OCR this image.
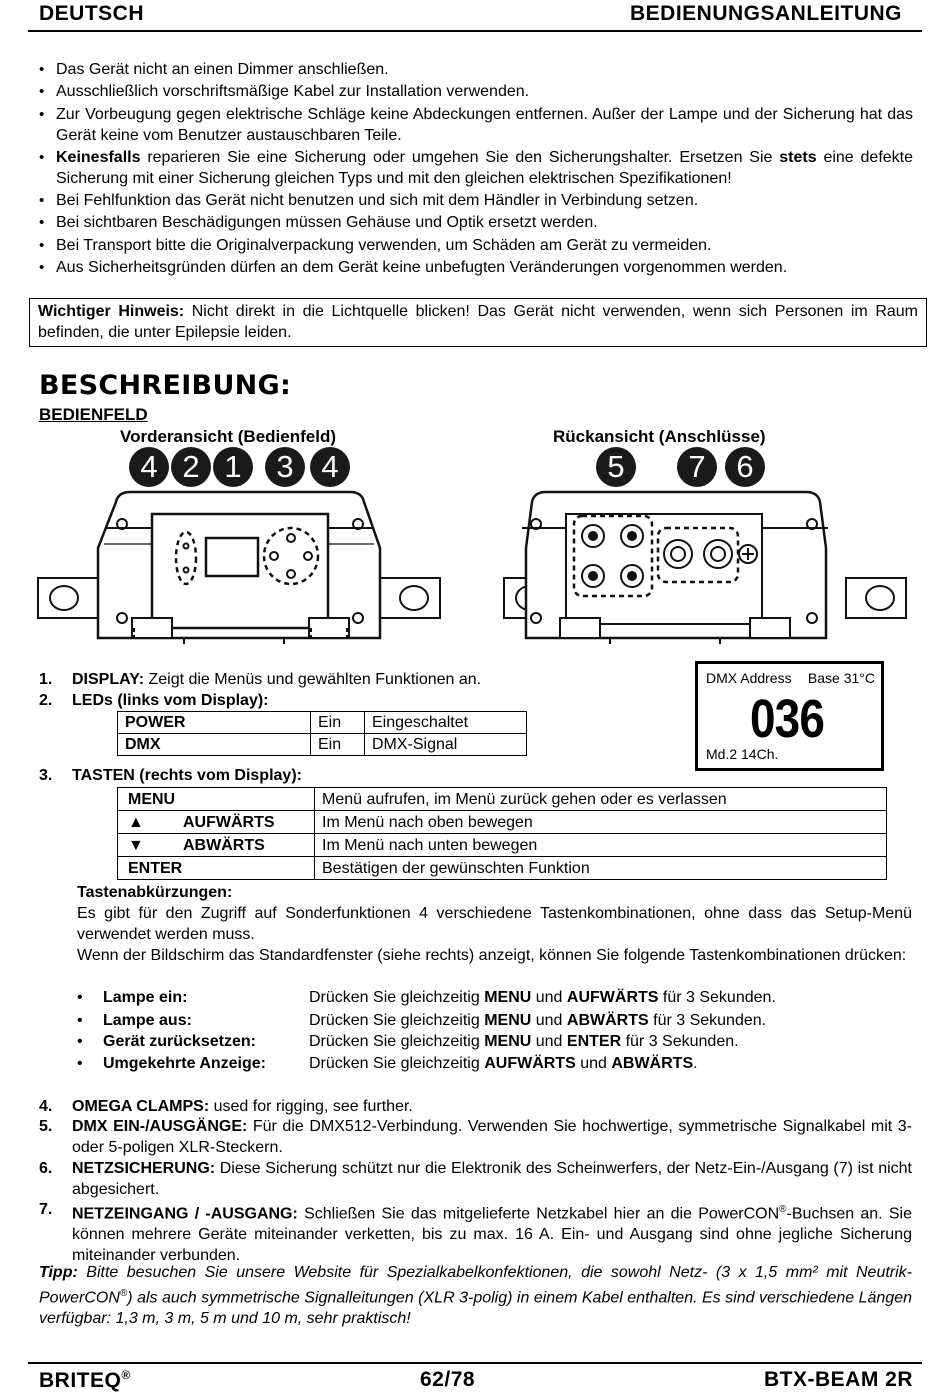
DEUTSCH	BEDIENUNGSANLEITUNG
• Das Gerät nicht an einen Dimmer anschließen.
• Ausschließlich vorschriftsmäßige Kabel zur Installation verwenden.
• Zur Vorbeugung gegen elektrische Schläge keine Abdeckungen entfernen. Außer der Lampe und der Sicherung hat das Gerät keine vom Benutzer austauschbaren Teile.
• Keinesfalls reparieren Sie eine Sicherung oder umgehen Sie den Sicherungshalter. Ersetzen Sie stets eine defekte Sicherung mit einer Sicherung gleichen Typs und mit den gleichen elektrischen Spezifikationen!
• Bei Fehlfunktion das Gerät nicht benutzen und sich mit dem Händler in Verbindung setzen.
• Bei sichtbaren Beschädigungen müssen Gehäuse und Optik ersetzt werden.
• Bei Transport bitte die Originalverpackung verwenden, um Schäden am Gerät zu vermeiden.
• Aus Sicherheitsgründen dürfen an dem Gerät keine unbefugten Veränderungen vorgenommen werden.
Wichtiger Hinweis: Nicht direkt in die Lichtquelle blicken! Das Gerät nicht verwenden, wenn sich Personen im Raum befinden, die unter Epilepsie leiden.
BESCHREIBUNG:
BEDIENFELD
Vorderansicht (Bedienfeld)	Rückansicht (Anschlüsse)
4 2 1	3 4	5	7 6
DMX Address Base 31°C
036
Md.2 14Ch.
1. DISPLAY: Zeigt die Menüs und gewählten Funktionen an.
2. LEDs (links vom Display):
POWER	Ein	Eingeschaltet
DMX	Ein	DMX-Signal
3. TASTEN (rechts vom Display):
MENU	Menü aufrufen, im Menü zurück gehen oder es verlassen
▲ AUFWÄRTS	Im Menü nach oben bewegen
▼ ABWÄRTS	Im Menü nach unten bewegen
ENTER	Bestätigen der gewünschten Funktion
Tastenabkürzungen:
Es gibt für den Zugriff auf Sonderfunktionen 4 verschiedene Tastenkombinationen, ohne dass das Setup-Menü verwendet werden muss.
Wenn der Bildschirm das Standardfenster (siehe rechts) anzeigt, können Sie folgende Tastenkombinationen drücken:
• Lampe ein:	Drücken Sie gleichzeitig MENU und AUFWÄRTS für 3 Sekunden.
• Lampe aus:	Drücken Sie gleichzeitig MENU und ABWÄRTS für 3 Sekunden.
• Gerät zurücksetzen:	Drücken Sie gleichzeitig MENU und ENTER für 3 Sekunden.
• Umgekehrte Anzeige:	Drücken Sie gleichzeitig AUFWÄRTS und ABWÄRTS.
4. OMEGA CLAMPS: used for rigging, see further.
5. DMX EIN-/AUSGÄNGE: Für die DMX512-Verbindung. Verwenden Sie hochwertige, symmetrische Signalkabel mit 3- oder 5-poligen XLR-Steckern.
6. NETZSICHERUNG: Diese Sicherung schützt nur die Elektronik des Scheinwerfers, der Netz-Ein-/Ausgang (7) ist nicht abgesichert.
7. NETZEINGANG / -AUSGANG: Schließen Sie das mitgelieferte Netzkabel hier an die PowerCON®-Buchsen an. Sie können mehrere Geräte miteinander verketten, bis zu max. 16 A. Ein- und Ausgang sind ohne jegliche Sicherung miteinander verbunden.
Tipp: Bitte besuchen Sie unsere Website für Spezialkabelkonfektionen, die sowohl Netz- (3 x 1,5 mm² mit Neutrik-PowerCON®) als auch symmetrische Signalleitungen (XLR 3-polig) in einem Kabel enthalten. Es sind verschiedene Längen verfügbar: 1,3 m, 3 m, 5 m und 10 m, sehr praktisch!
BRITEQ®	62/78	BTX-BEAM 2R
